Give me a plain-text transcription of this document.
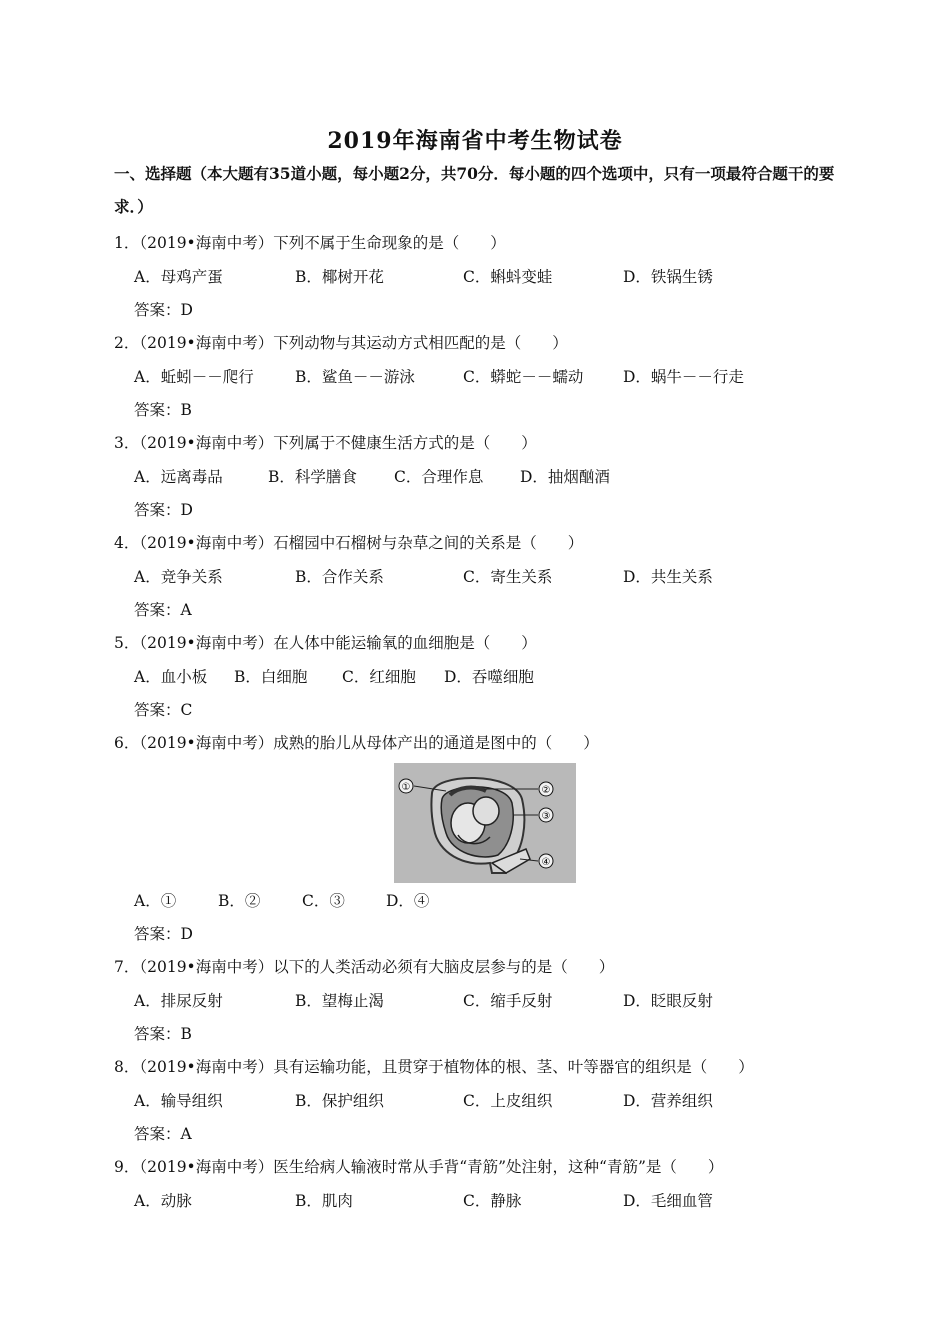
2019年海南省中考生物试卷
一、选择题（本大题有35道小题，每小题2分，共70分．每小题的四个选项中，只有一项最符合题干的要求．）
1．（2019•海南中考）下列不属于生命现象的是（　　）
A．母鸡产蛋	B．椰树开花	C．蝌蚪变蛙	D．铁锅生锈
答案：D
2．（2019•海南中考）下列动物与其运动方式相匹配的是（　　）
A．蚯蚓－－爬行	B．鲨鱼－－游泳	C．蟒蛇－－蠕动	D．蜗牛－－行走
答案：B
3．（2019•海南中考）下列属于不健康生活方式的是（　　）
A．远离毒品	B．科学膳食 C．合理作息 D．抽烟酗酒
答案：D
4．（2019•海南中考）石榴园中石榴树与杂草之间的关系是（　　）
A．竞争关系	B．合作关系	C．寄生关系	D．共生关系
答案：A
5．（2019•海南中考）在人体中能运输氧的血细胞是（　　）
A．血小板 B．白细胞 C．红细胞 D．吞噬细胞
答案：C
6．（2019•海南中考）成熟的胎儿从母体产出的通道是图中的（　　）
①	②
③
④
A．①	B．②	C．③	D．④
答案：D
7．（2019•海南中考）以下的人类活动必须有大脑皮层参与的是（　　）
A．排尿反射	B．望梅止渴	C．缩手反射	D．眨眼反射
答案：B
8．（2019•海南中考）具有运输功能，且贯穿于植物体的根、茎、叶等器官的组织是（　　）
A．输导组织	B．保护组织	C．上皮组织	D．营养组织
答案：A
9．（2019•海南中考）医生给病人输液时常从手背“青筋”处注射，这种“青筋”是（　　）
A．动脉	B．肌肉	C．静脉	D．毛细血管
